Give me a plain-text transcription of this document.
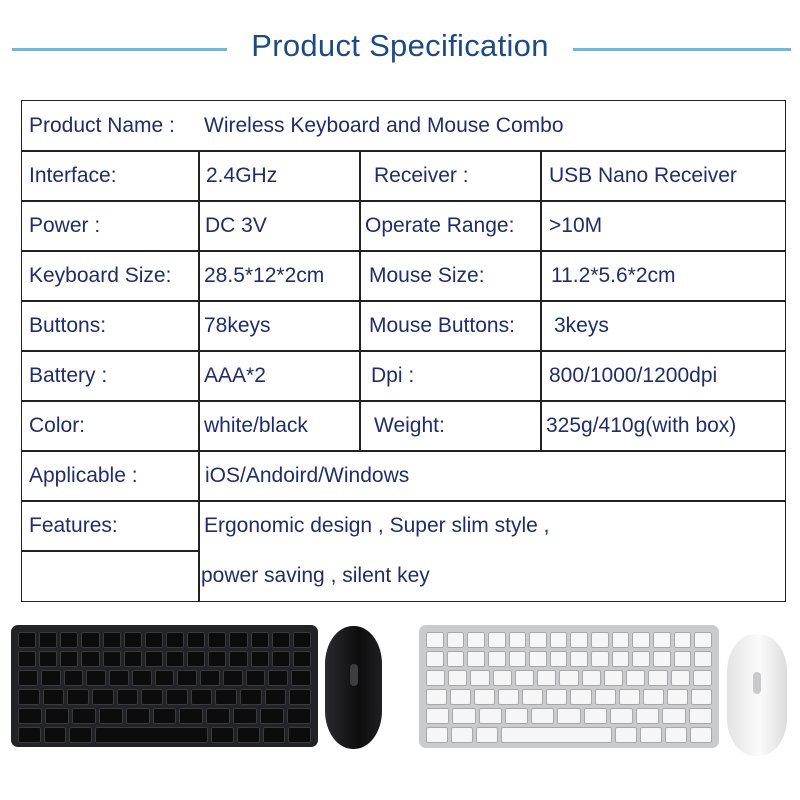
Product Specification
Product Name : Wireless Keyboard and Mouse Combo
Interface:	2.4GHz	Receiver :	USB Nano Receiver
Power :	DC 3V	Operate Range: >10M
Keyboard Size: 28.5*12*2cm Mouse Size:	11.2*5.6*2cm
Buttons:	78keys	Mouse Buttons: 3keys
Battery :	AAA*2	Dpi :	800/1000/1200dpi
Color:	white/black	Weight:	325g/410g(with box)
Applicable :	iOS/Andoird/Windows
Features:	Ergonomic design , Super slim style ,
power saving , silent key
